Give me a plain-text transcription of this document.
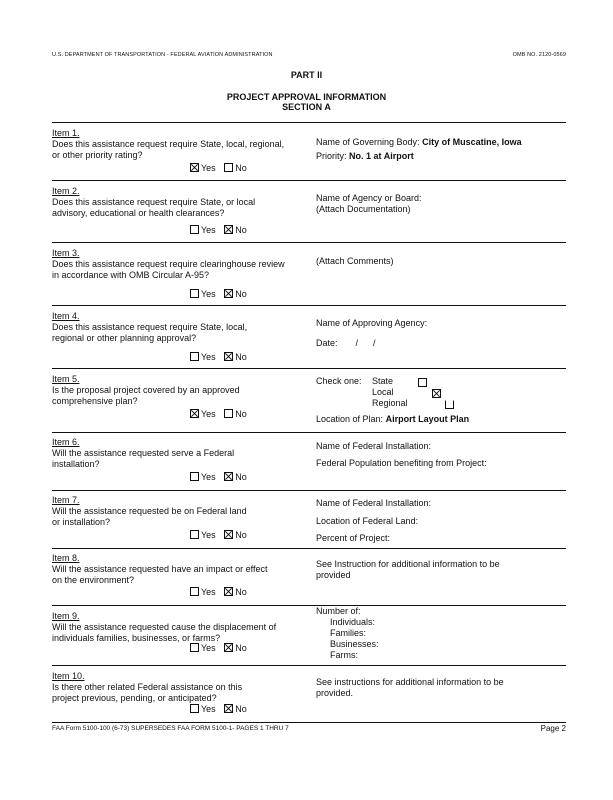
U.S. DEPARTMENT OF TRANSPORTATION - FEDERAL AVIATION ADMINISTRATION	OMB NO. 2120-0569
PART II
PROJECT APPROVAL INFORMATION
SECTION A
Item 1.
Does this assistance request require State, local, regional,
or other priority rating?
Yes No
Item 2.
Does this assistance request require State, or local
advisory, educational or health clearances?
Yes No
Item 3.
Does this assistance request require clearinghouse review
in accordance with OMB Circular A-95?
Yes No
Item 4.
Does this assistance request require State, local,
regional or other planning approval?
Yes No
Item 5.
Is the proposal project covered by an approved
comprehensive plan?
Yes No
Item 6.
Will the assistance requested serve a Federal
installation?
Yes No
Item 7.
Will the assistance requested be on Federal land
or installation?
Yes No
Item 8.
Will the assistance requested have an impact or effect
on the environment?
Yes No
Item 9.
Will the assistance requested cause the displacement of
individuals families, businesses, or farms?
Yes No
Item 10.
Is there other related Federal assistance on this
project previous, pending, or anticipated?
Yes No
Name of Governing Body: City of Muscatine, Iowa
Priority: No. 1 at Airport
Name of Agency or Board:
(Attach Documentation)
(Attach Comments)
Name of Approving Agency:
Date: /      /
Check one: State
Local
Regional

Location of Plan: Airport Layout Plan
Name of Federal Installation:
Federal Population benefiting from Project:
Name of Federal Installation:
Location of Federal Land:
Percent of Project:
See Instruction for additional information to be
provided
Number of:
Individuals:
Families:
Businesses:
Farms:
See instructions for additional information to be
provided.
FAA Form 5100-100 (6-73) SUPERSEDES FAA FORM 5100-1- PAGES 1 THRU 7	Page 2
